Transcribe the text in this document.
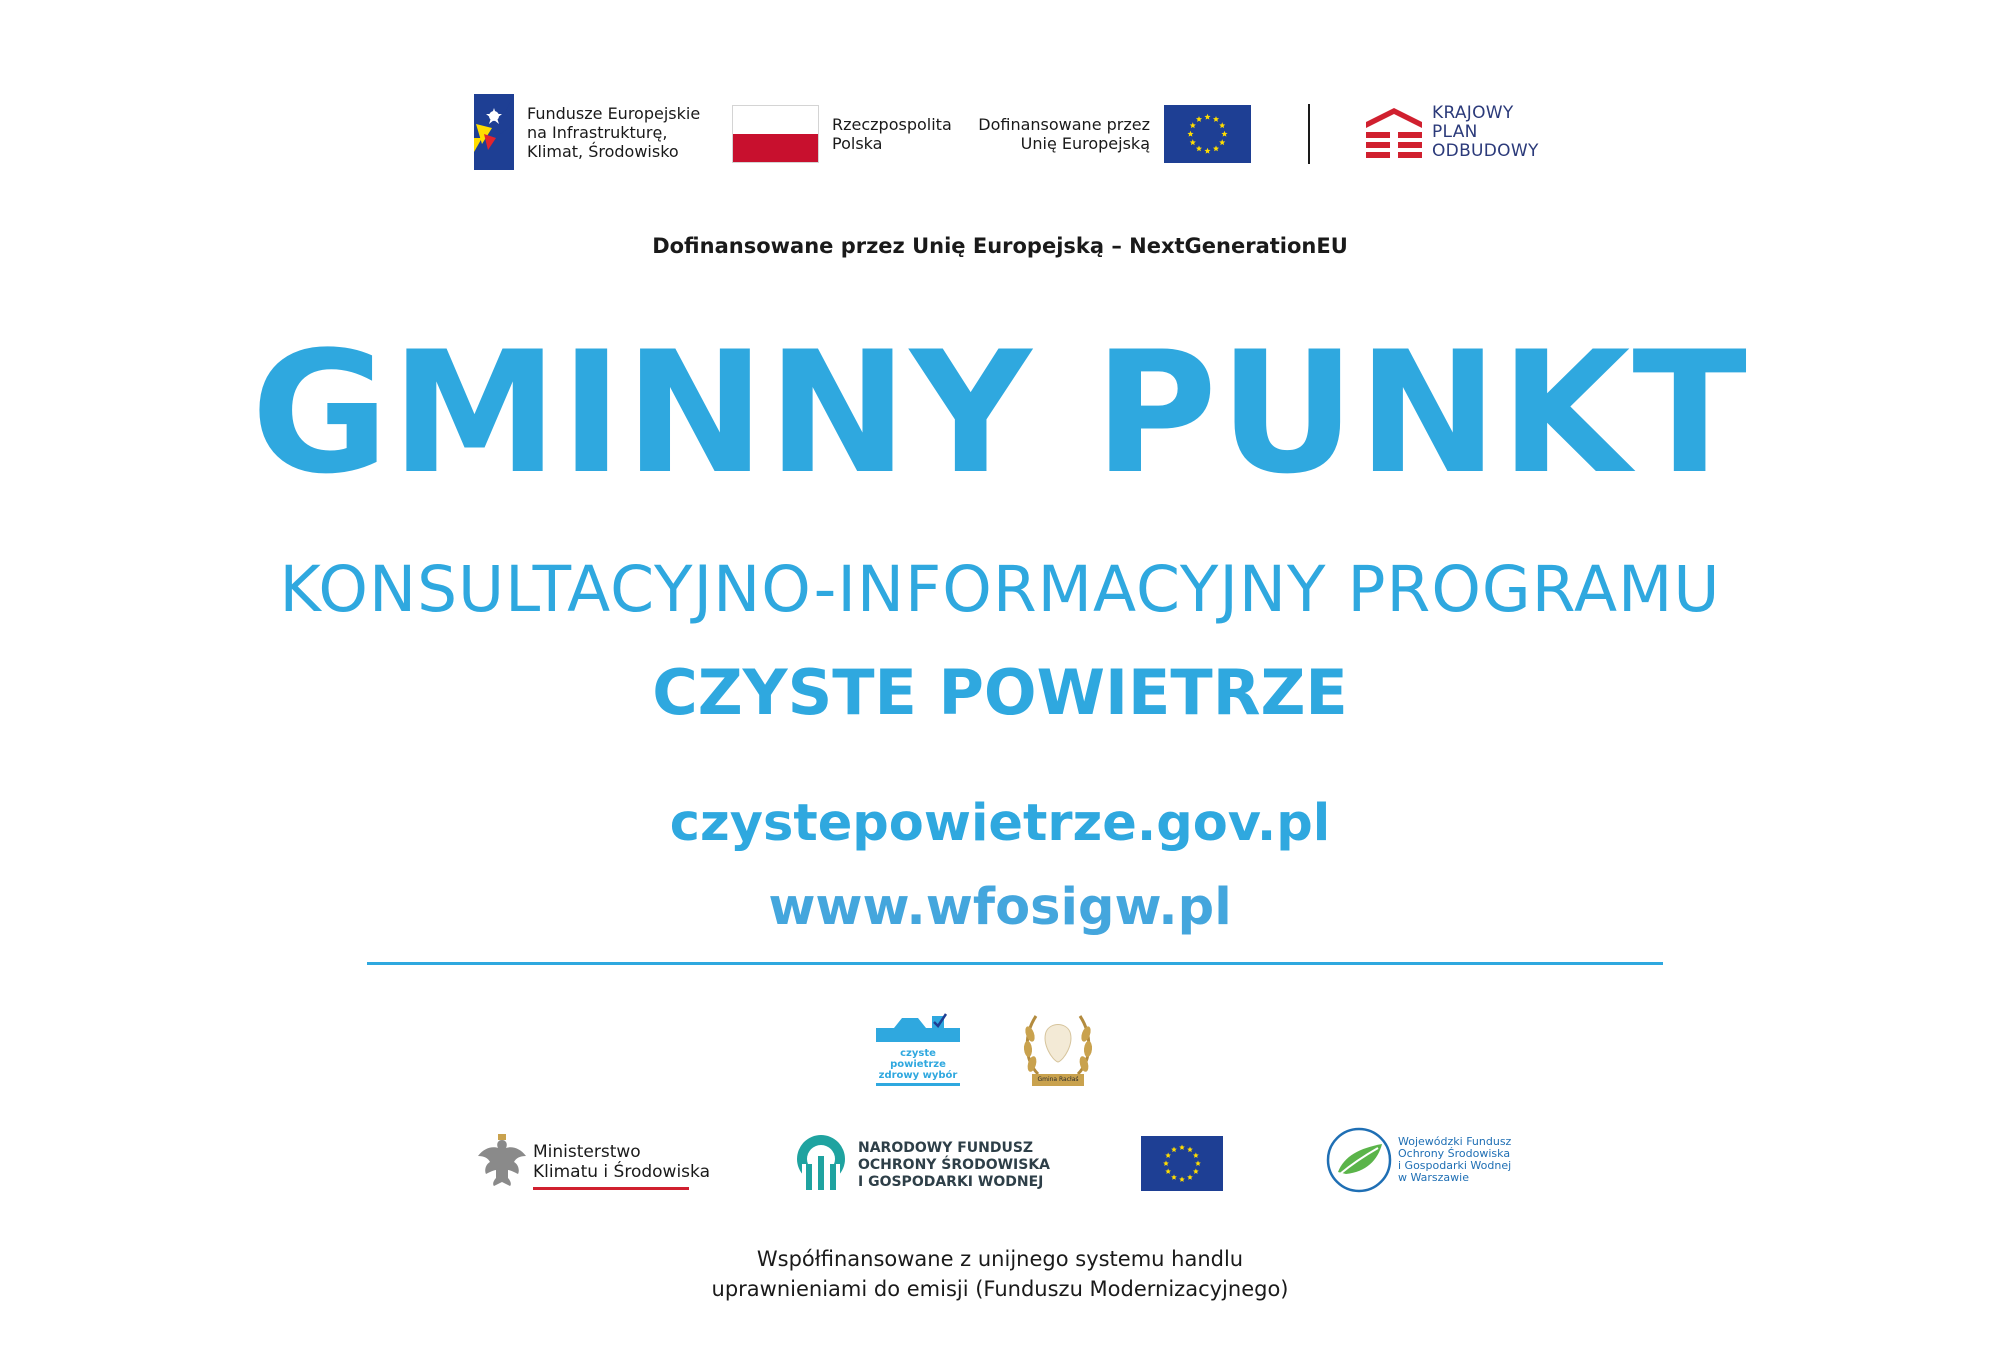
Fundusze Europejskie
na Infrastrukturę,
Klimat, Środowisko
Rzeczpospolita
Polska
Dofinansowane przez
Unię Europejską
KRAJOWY
PLAN
ODBUDOWY
Dofinansowane przez Unię Europejską – NextGenerationEU
GMINNY PUNKT
KONSULTACYJNO-INFORMACYJNY PROGRAMU
CZYSTE POWIETRZE
czystepowietrze.gov.pl
www.wfosigw.pl
czyste powietrze
zdrowy wybór	Gmina Racłaś
Ministerstwo
Klimatu i Środowiska
NARODOWY FUNDUSZ
OCHRONY ŚRODOWISKA
I GOSPODARKI WODNEJ
Wojewódzki Fundusz
Ochrony Środowiska
i Gospodarki Wodnej
w Warszawie
Współfinansowane z unijnego systemu handlu
uprawnieniami do emisji (Funduszu Modernizacyjnego)
